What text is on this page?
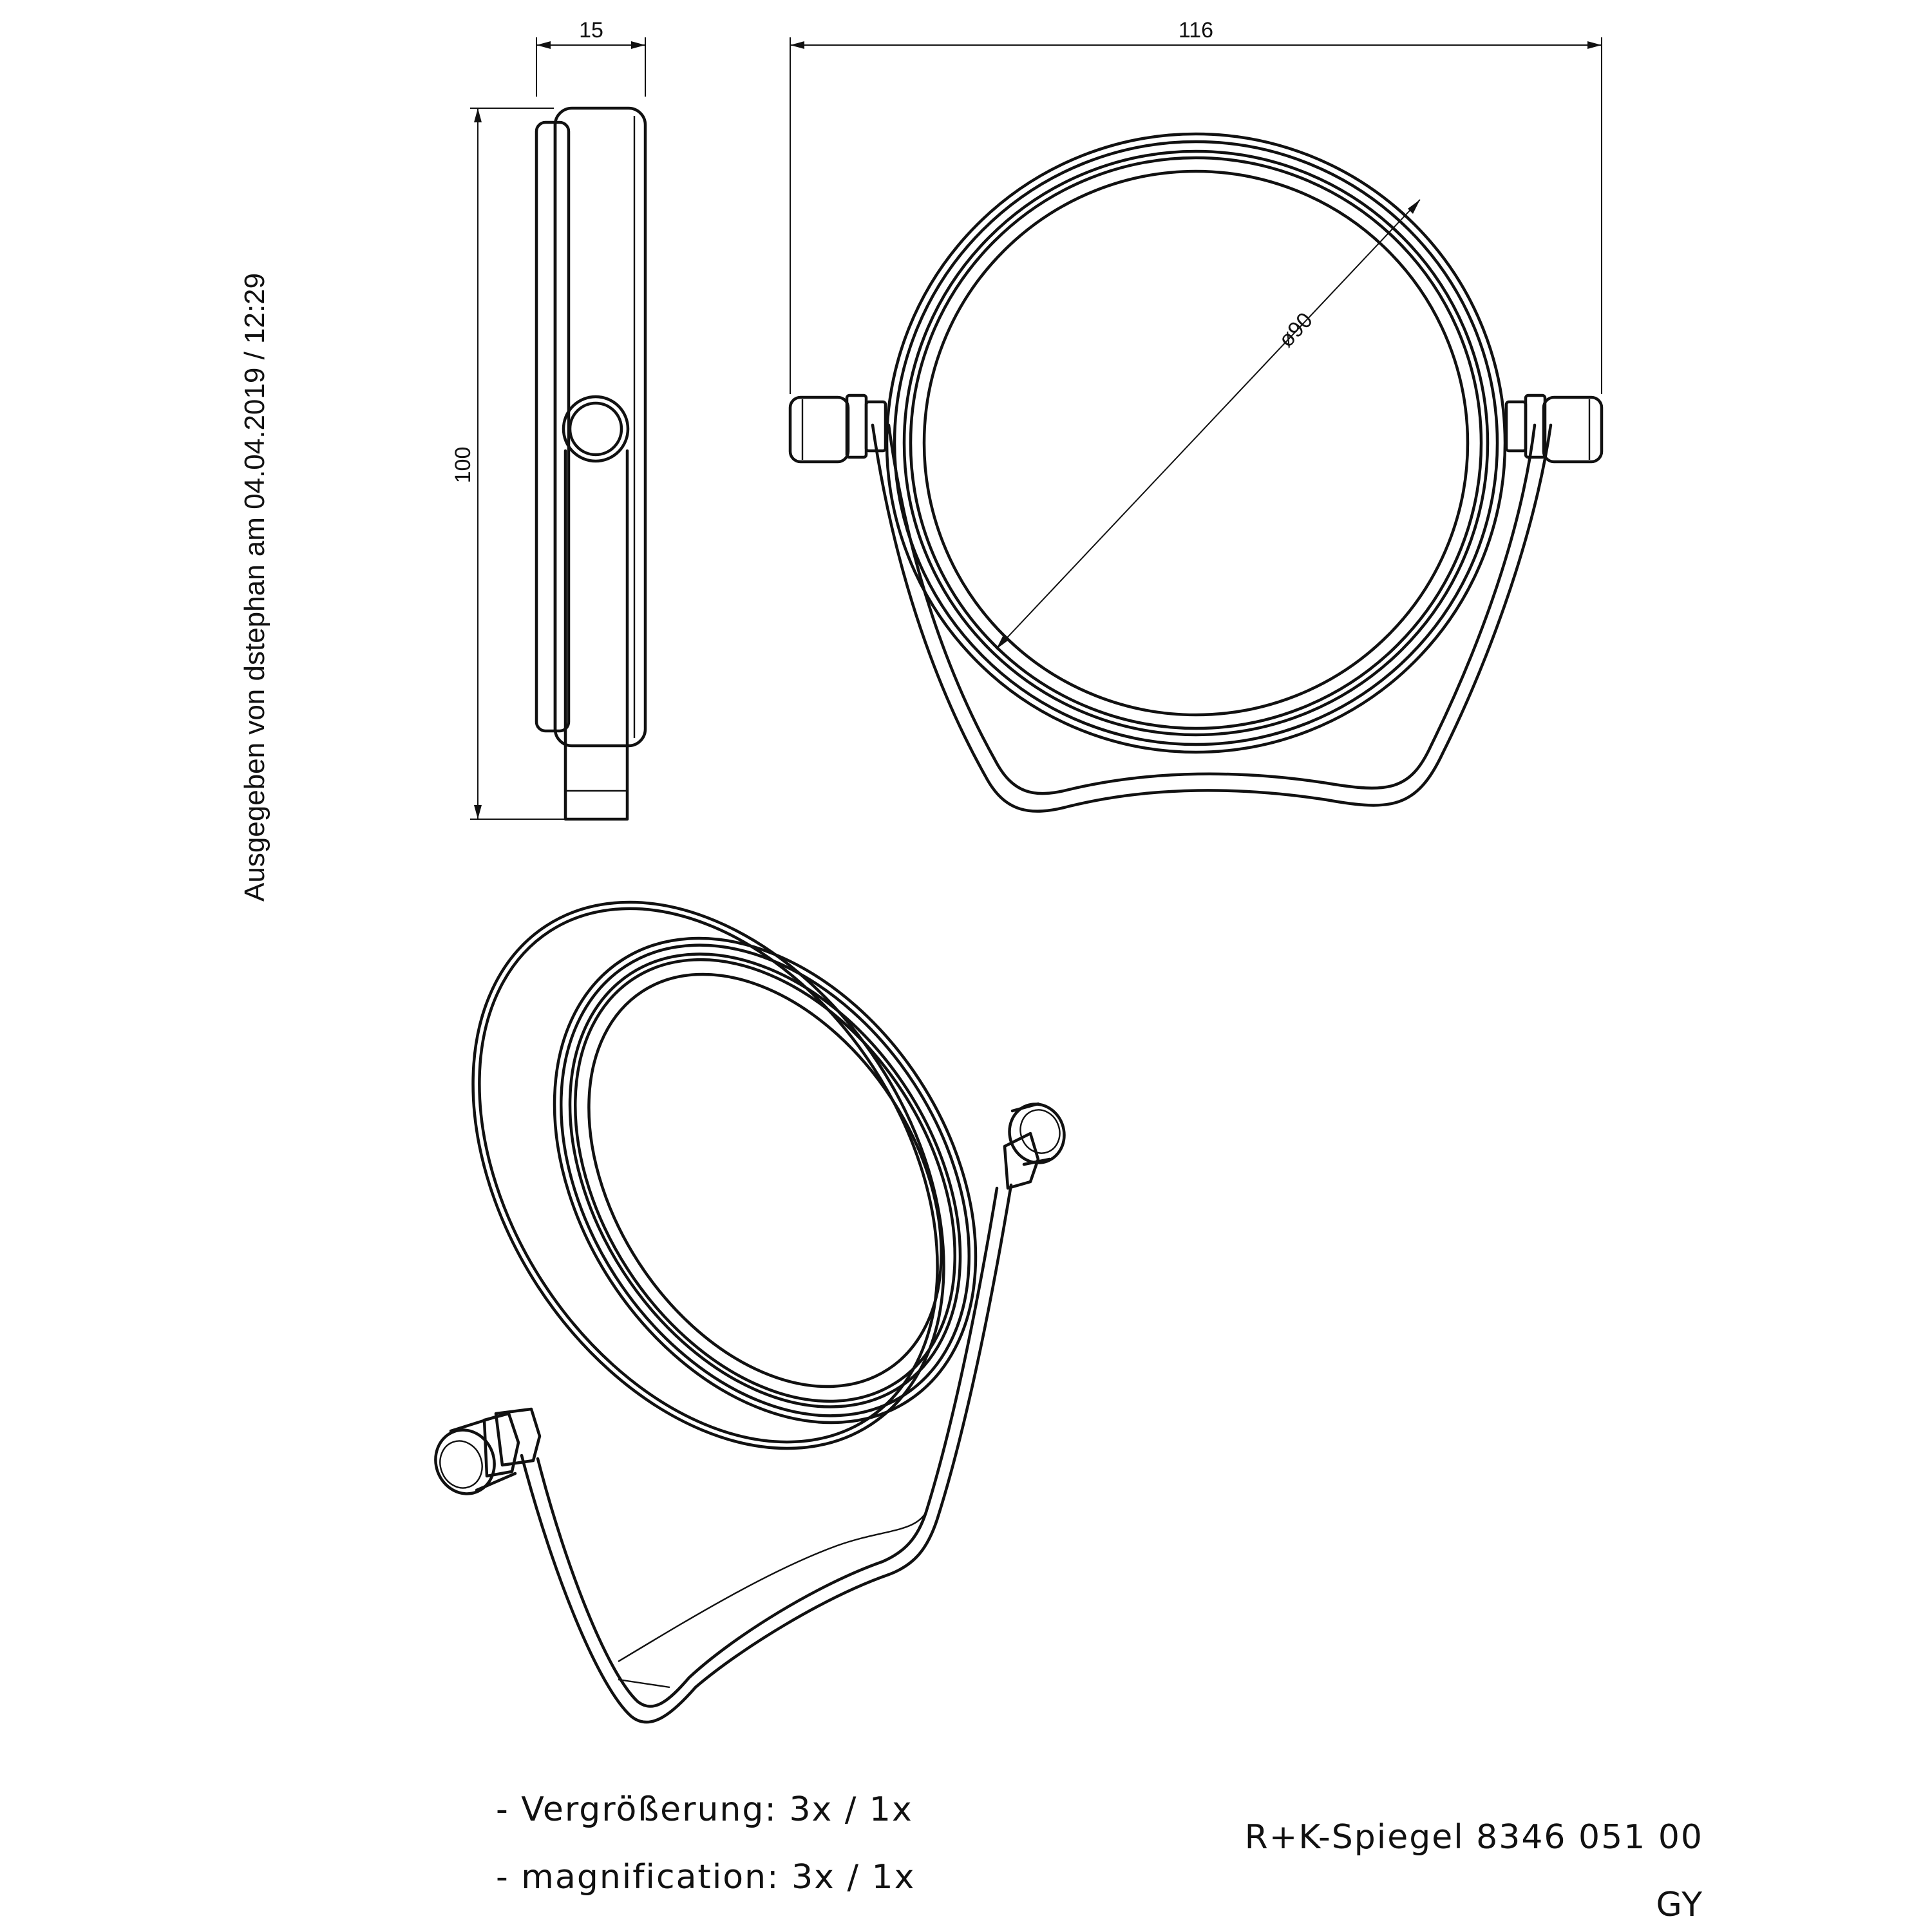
Ausgegeben von dstephan am 04.04.2019 / 12:29
15
100
ø90
116
- Vergrößerung: 3x / 1x
- magnification: 3x / 1x
R+K-Spiegel 8346 051 00
GY
